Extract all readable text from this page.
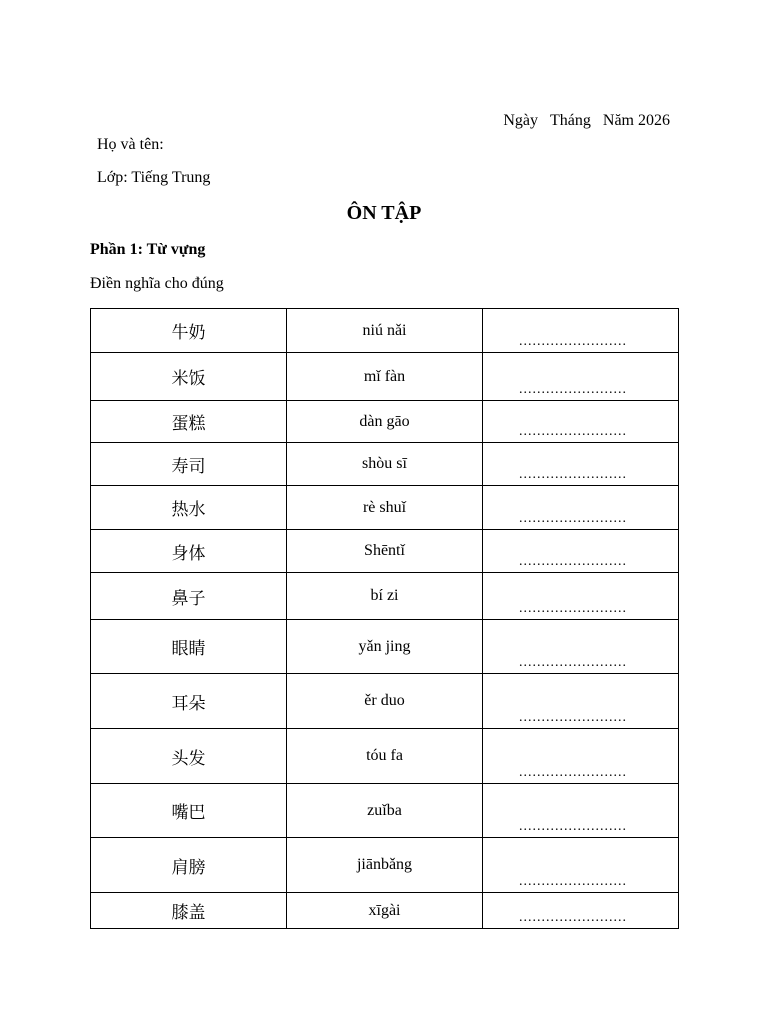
Ngày Tháng Năm 2026
Họ và tên:
Lớp: Tiếng Trung
ÔN TẬP
Phần 1: Từ vựng
Điền nghĩa cho đúng
牛奶	niú nǎi	........................
米饭	mǐ fàn	........................
蛋糕	dàn gāo	........................
寿司	shòu sī	........................
热水	rè shuǐ	........................
身体	Shēntǐ	........................
鼻子	bí zi	........................
眼睛	yǎn jing	........................
耳朵	ěr duo	........................
头发	tóu fa	........................
嘴巴	zuǐba	........................
肩膀	jiānbǎng	........................
膝盖	xīgài	........................
